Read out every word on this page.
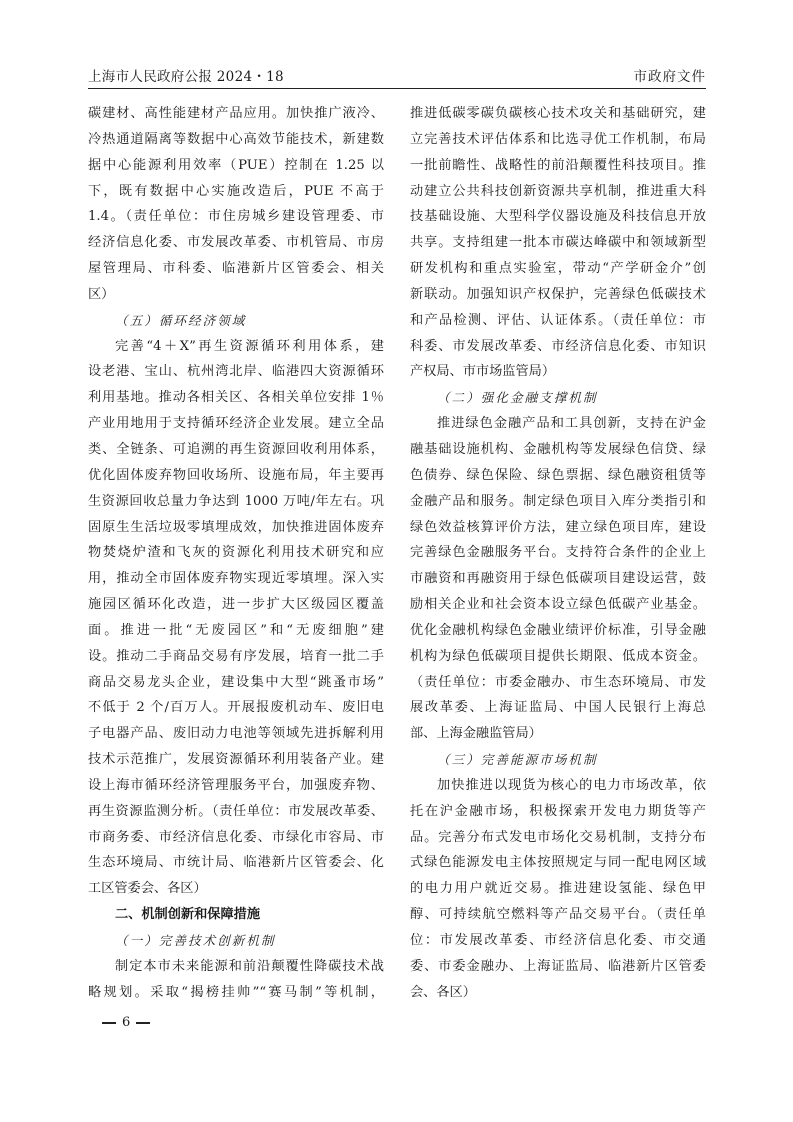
上海市人民政府公报 2024・18	市政府文件
碳建材、高性能建材产品应用。加快推广液冷、
冷热通道隔离等数据中心高效节能技术，新建数
据中心能源利用效率（PUE）控制在 1.25 以
下，既有数据中心实施改造后，PUE 不高于
1.4。（责任单位：市住房城乡建设管理委、市
经济信息化委、市发展改革委、市机管局、市房
屋管理局、市科委、临港新片区管委会、相关
区）
（五）循环经济领域
完善“4＋X”再生资源循环利用体系，建
设老港、宝山、杭州湾北岸、临港四大资源循环
利用基地。推动各相关区、各相关单位安排 1％
产业用地用于支持循环经济企业发展。建立全品
类、全链条、可追溯的再生资源回收利用体系，
优化固体废弃物回收场所、设施布局，年主要再
生资源回收总量力争达到 1000 万吨/年左右。巩
固原生生活垃圾零填埋成效，加快推进固体废弃
物焚烧炉渣和飞灰的资源化利用技术研究和应
用，推动全市固体废弃物实现近零填埋。深入实
施园区循环化改造，进一步扩大区级园区覆盖
面。推进一批“无废园区”和“无废细胞”建
设。推动二手商品交易有序发展，培育一批二手
商品交易龙头企业，建设集中大型“跳蚤市场”
不低于 2 个/百万人。开展报废机动车、废旧电
子电器产品、废旧动力电池等领域先进拆解利用
技术示范推广，发展资源循环利用装备产业。建
设上海市循环经济管理服务平台，加强废弃物、
再生资源监测分析。（责任单位：市发展改革委、
市商务委、市经济信息化委、市绿化市容局、市
生态环境局、市统计局、临港新片区管委会、化
工区管委会、各区）
二、机制创新和保障措施
（一）完善技术创新机制
制定本市未来能源和前沿颠覆性降碳技术战
略规划。采取“揭榜挂帅”“赛马制”等机制，
推进低碳零碳负碳核心技术攻关和基础研究，建
立完善技术评估体系和比选寻优工作机制，布局
一批前瞻性、战略性的前沿颠覆性科技项目。推
动建立公共科技创新资源共享机制，推进重大科
技基础设施、大型科学仪器设施及科技信息开放
共享。支持组建一批本市碳达峰碳中和领域新型
研发机构和重点实验室，带动“产学研金介”创
新联动。加强知识产权保护，完善绿色低碳技术
和产品检测、评估、认证体系。（责任单位：市
科委、市发展改革委、市经济信息化委、市知识
产权局、市市场监管局）
（二）强化金融支撑机制
推进绿色金融产品和工具创新，支持在沪金
融基础设施机构、金融机构等发展绿色信贷、绿
色债券、绿色保险、绿色票据、绿色融资租赁等
金融产品和服务。制定绿色项目入库分类指引和
绿色效益核算评价方法，建立绿色项目库，建设
完善绿色金融服务平台。支持符合条件的企业上
市融资和再融资用于绿色低碳项目建设运营，鼓
励相关企业和社会资本设立绿色低碳产业基金。
优化金融机构绿色金融业绩评价标准，引导金融
机构为绿色低碳项目提供长期限、低成本资金。
（责任单位：市委金融办、市生态环境局、市发
展改革委、上海证监局、中国人民银行上海总
部、上海金融监管局）
（三）完善能源市场机制
加快推进以现货为核心的电力市场改革，依
托在沪金融市场，积极探索开发电力期货等产
品。完善分布式发电市场化交易机制，支持分布
式绿色能源发电主体按照规定与同一配电网区域
的电力用户就近交易。推进建设氢能、绿色甲
醇、可持续航空燃料等产品交易平台。（责任单
位：市发展改革委、市经济信息化委、市交通
委、市委金融办、上海证监局、临港新片区管委
会、各区）
6
